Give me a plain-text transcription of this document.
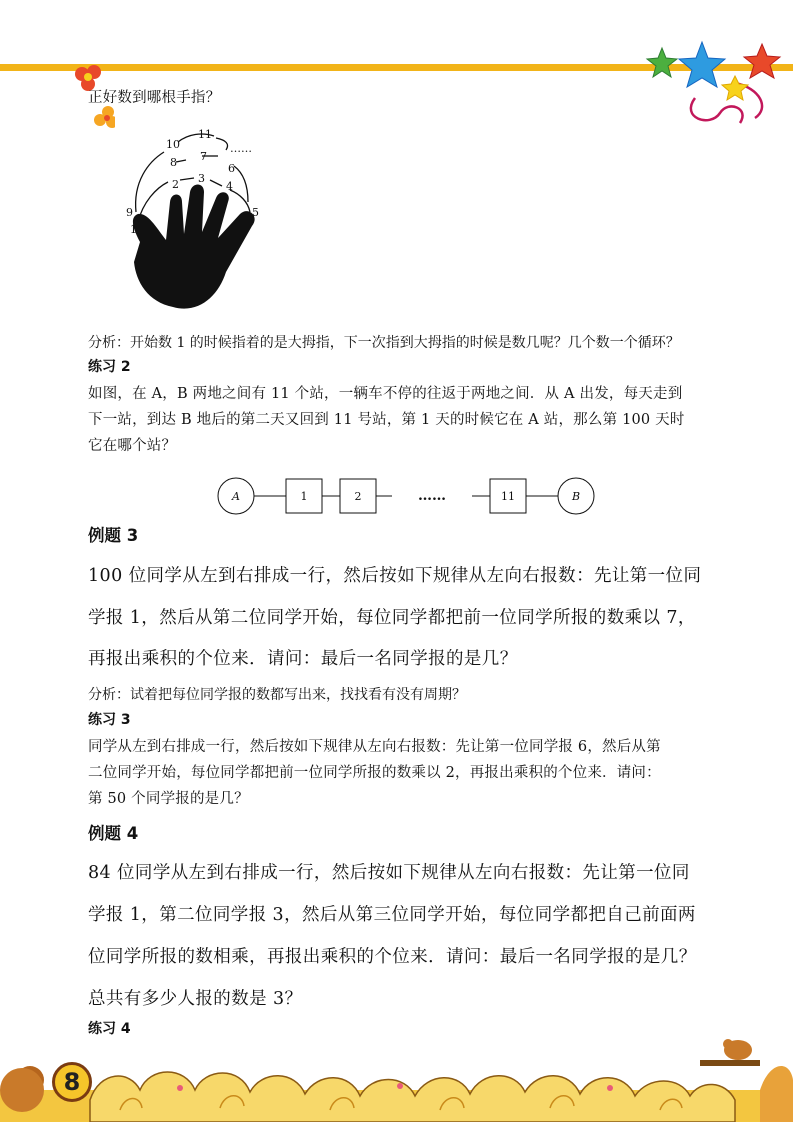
正好数到哪根手指？
1
2 3
4
5
6
7
8
9
10
11
……
分析：开始数 1 的时候指着的是大拇指，下一次指到大拇指的时候是数几呢？几个数一个循环？
练习 2
如图，在 A，B 两地之间有 11 个站，一辆车不停的往返于两地之间．从 A 出发，每天走到
下一站，到达 B 地后的第二天又回到 11 号站，第 1 天的时候它在 A 站，那么第 100 天时
它在哪个站？
A	1	2	……	11	B
例题 3
100 位同学从左到右排成一行，然后按如下规律从左向右报数：先让第一位同
学报 1，然后从第二位同学开始，每位同学都把前一位同学所报的数乘以 7，
再报出乘积的个位来．请问：最后一名同学报的是几？
分析：试着把每位同学报的数都写出来，找找看有没有周期？
练习 3
同学从左到右排成一行，然后按如下规律从左向右报数：先让第一位同学报 6，然后从第
二位同学开始，每位同学都把前一位同学所报的数乘以 2，再报出乘积的个位来．请问：
第 50 个同学报的是几？
例题 4
84 位同学从左到右排成一行，然后按如下规律从左向右报数：先让第一位同
学报 1，第二位同学报 3，然后从第三位同学开始，每位同学都把自己前面两
位同学所报的数相乘，再报出乘积的个位来．请问：最后一名同学报的是几？
总共有多少人报的数是 3？
练习 4
8
